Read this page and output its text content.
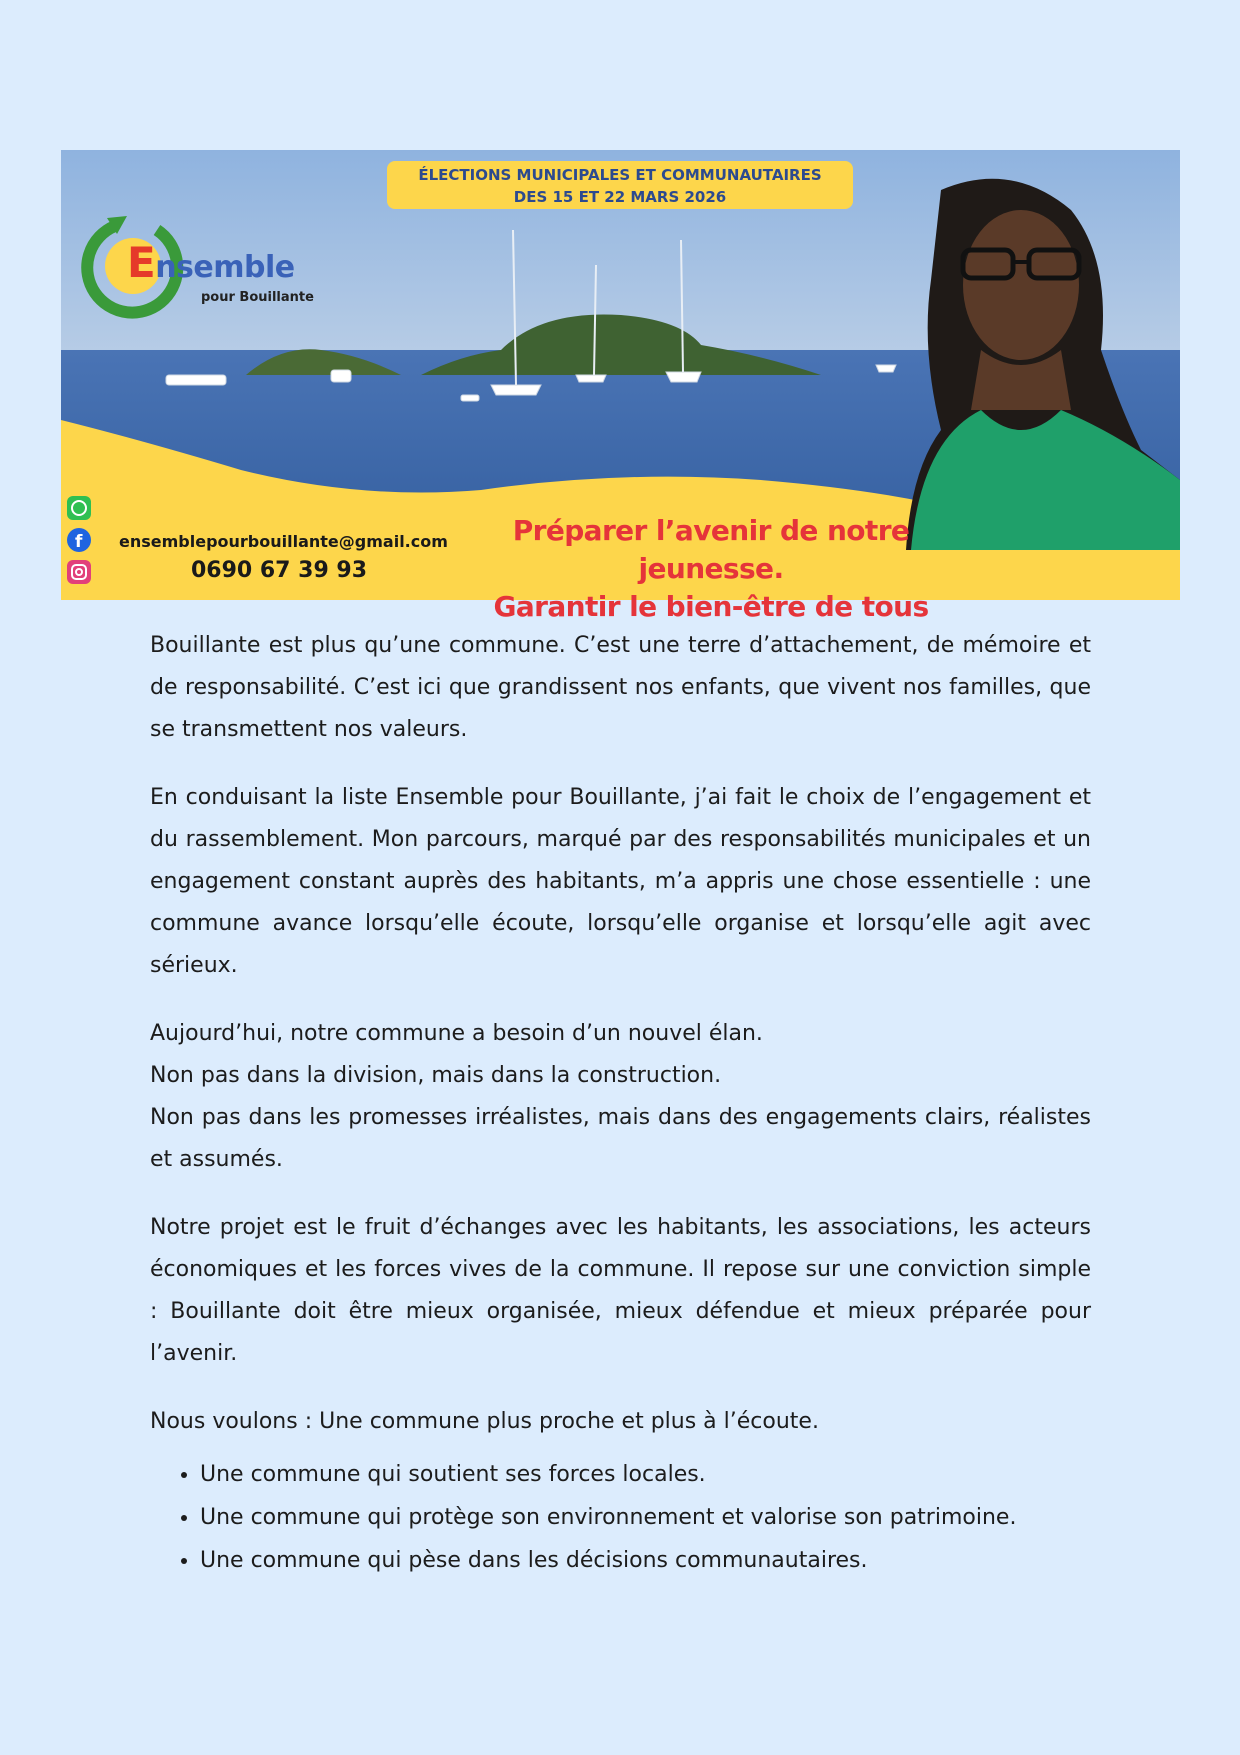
ÉLECTIONS MUNICIPALES ET COMMUNAUTAIRES
DES 15 ET 22 MARS 2026
Ensemble
pour Bouillante
f ensemblepourbouillante@gmail.com
0690 67 39 93
Préparer l’avenir de notre jeunesse.
Garantir le bien-être de tous

Bouillante est plus qu’une commune. C’est une terre d’attachement, de mémoire et de responsabilité. C’est ici que grandissent nos enfants, que vivent nos familles, que se transmettent nos valeurs.

En conduisant la liste Ensemble pour Bouillante, j’ai fait le choix de l’engagement et du rassemblement. Mon parcours, marqué par des responsabilités municipales et un engagement constant auprès des habitants, m’a appris une chose essentielle : une commune avance lorsqu’elle écoute, lorsqu’elle organise et lorsqu’elle agit avec sérieux.

Aujourd’hui, notre commune a besoin d’un nouvel élan.

Non pas dans la division, mais dans la construction.

Non pas dans les promesses irréalistes, mais dans des engagements clairs, réalistes et assumés.

Notre projet est le fruit d’échanges avec les habitants, les associations, les acteurs économiques et les forces vives de la commune. Il repose sur une conviction simple : Bouillante doit être mieux organisée, mieux défendue et mieux préparée pour l’avenir.

Nous voulons : Une commune plus proche et plus à l’écoute.

• Une commune qui soutient ses forces locales.
• Une commune qui protège son environnement et valorise son patrimoine.
• Une commune qui pèse dans les décisions communautaires.
